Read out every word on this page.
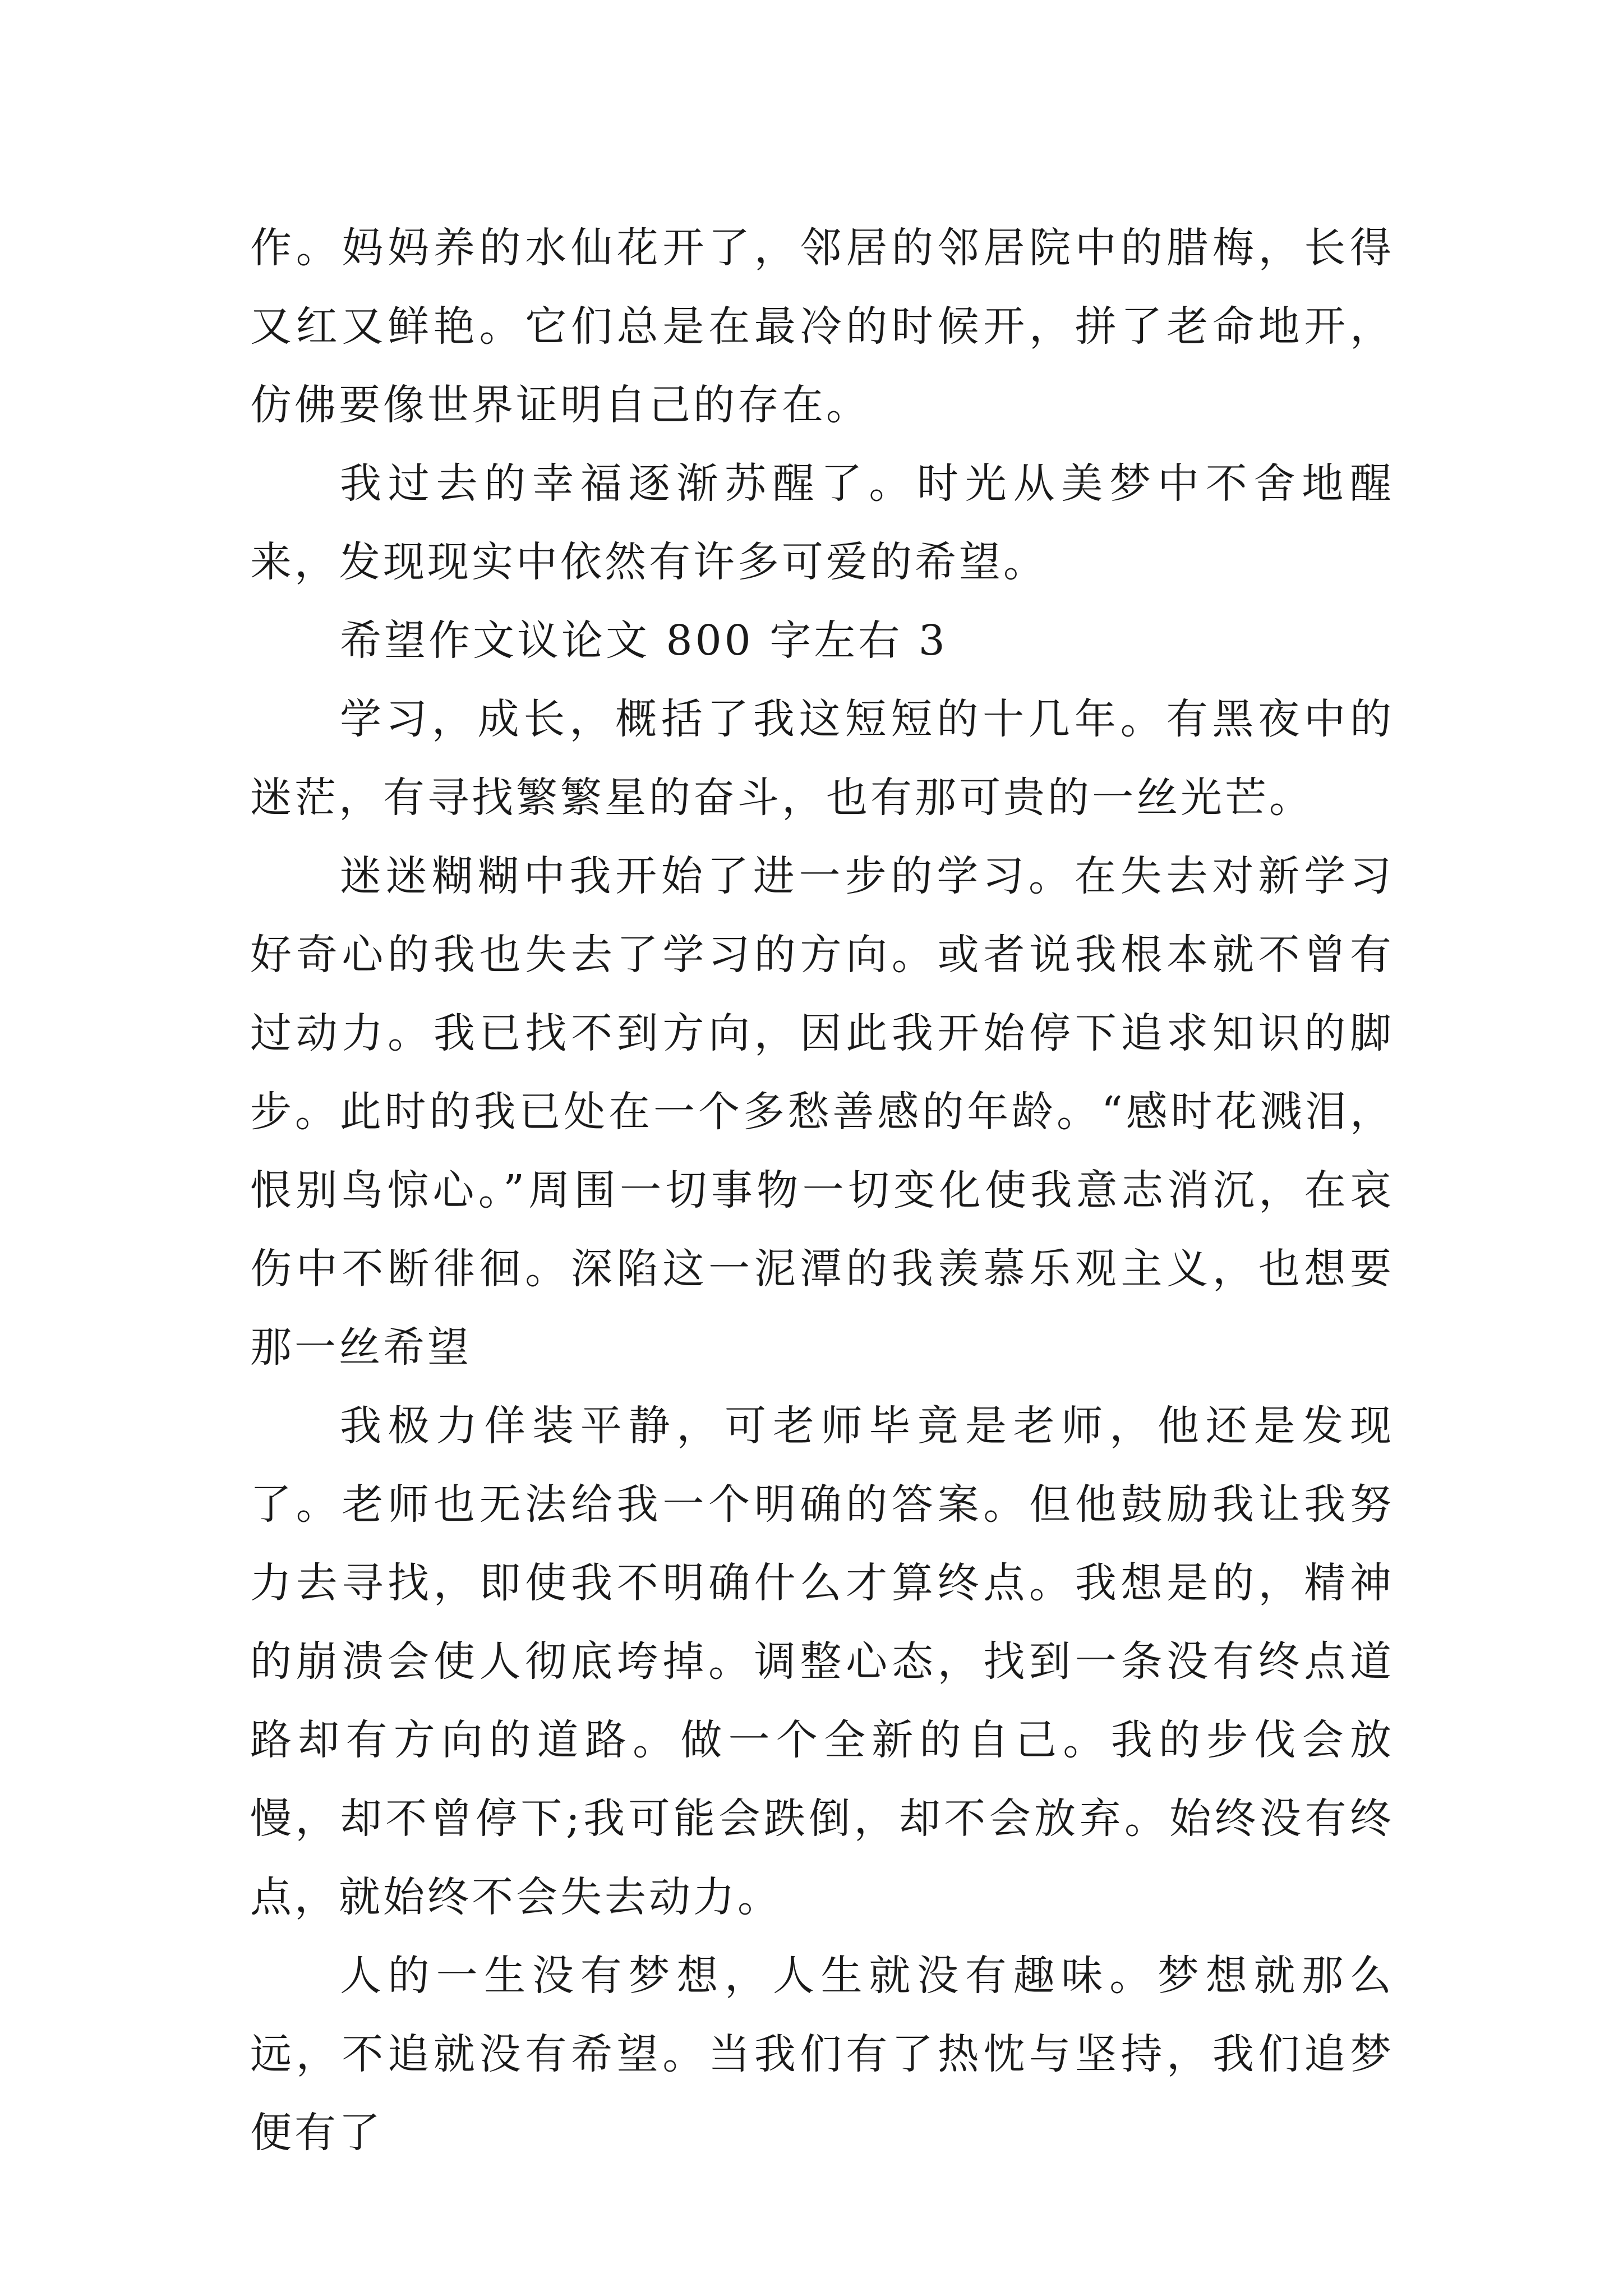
作。妈妈养的水仙花开了，邻居的邻居院中的腊梅，长得又红又鲜艳。它们总是在最冷的时候开，拼了老命地开，仿佛要像世界证明自己的存在。

我过去的幸福逐渐苏醒了。时光从美梦中不舍地醒来，发现现实中依然有许多可爱的希望。

希望作文议论文 800 字左右 3

学习，成长，概括了我这短短的十几年。有黑夜中的迷茫，有寻找繁繁星的奋斗，也有那可贵的一丝光芒。

迷迷糊糊中我开始了进一步的学习。在失去对新学习好奇心的我也失去了学习的方向。或者说我根本就不曾有过动力。我已找不到方向，因此我开始停下追求知识的脚步。此时的我已处在一个多愁善感的年龄。“感时花溅泪，恨别鸟惊心。”周围一切事物一切变化使我意志消沉，在哀伤中不断徘徊。深陷这一泥潭的我羡慕乐观主义，也想要那一丝希望

我极力佯装平静，可老师毕竟是老师，他还是发现了。老师也无法给我一个明确的答案。但他鼓励我让我努力去寻找，即使我不明确什么才算终点。我想是的，精神的崩溃会使人彻底垮掉。调整心态，找到一条没有终点道路却有方向的道路。做一个全新的自己。我的步伐会放慢，却不曾停下;我可能会跌倒，却不会放弃。始终没有终点，就始终不会失去动力。

人的一生没有梦想，人生就没有趣味。梦想就那么远，不追就没有希望。当我们有了热忱与坚持，我们追梦便有了
